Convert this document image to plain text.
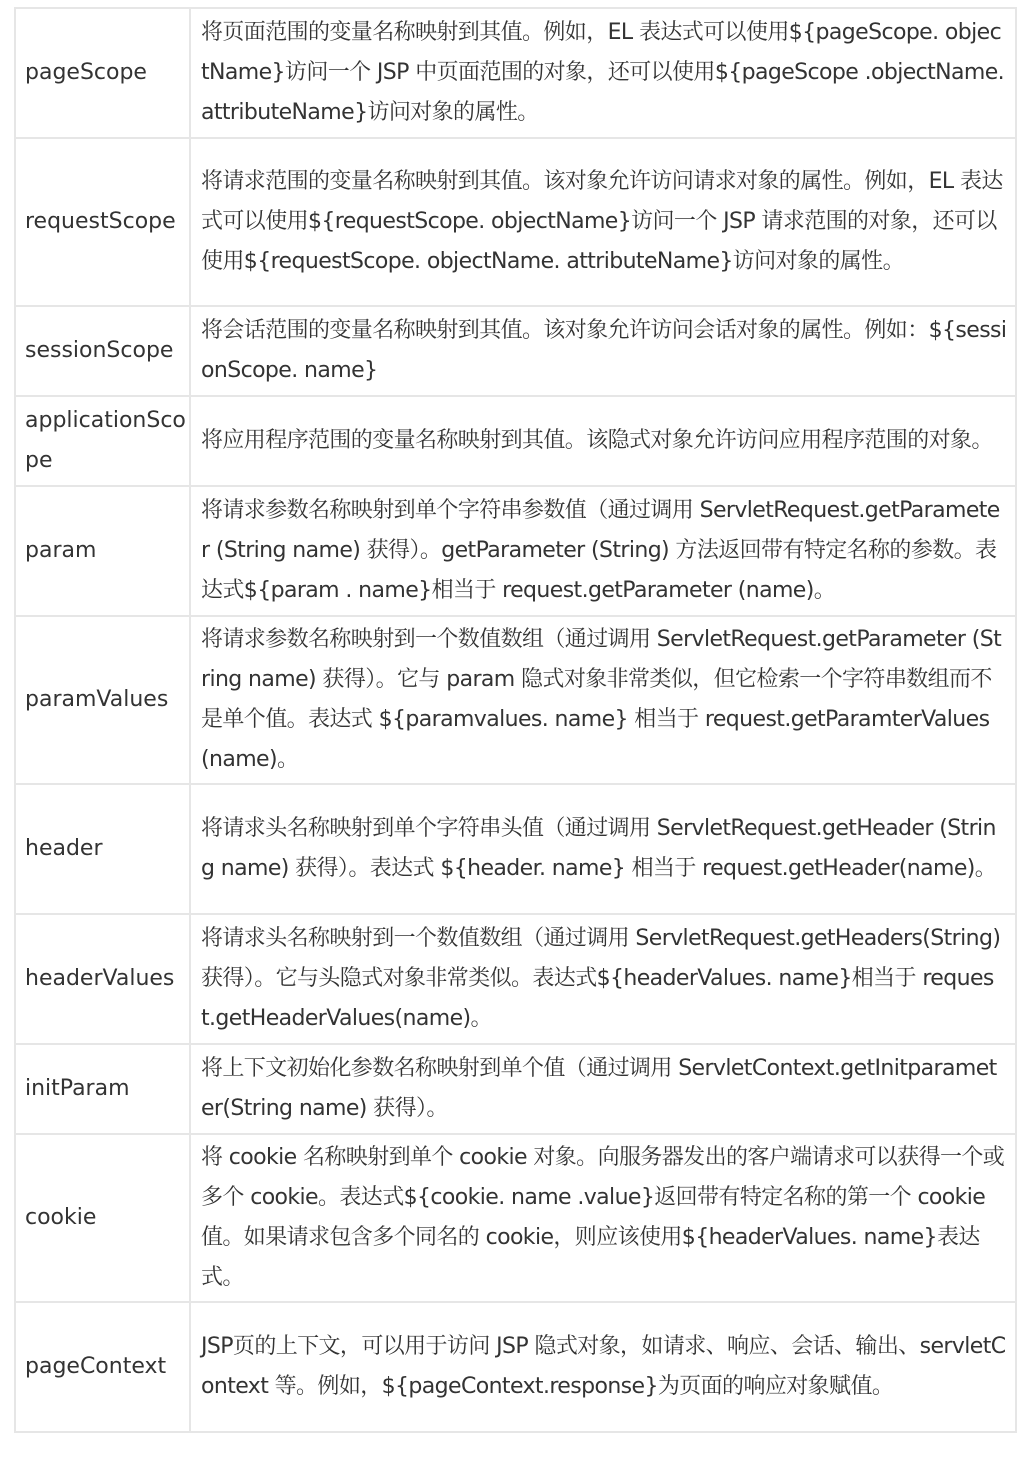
pageScope	将页面范围的变量名称映射到其值。例如，EL 表达式可以使用${pageScope. objectName}访问一个 JSP 中页面范围的对象，还可以使用${pageScope .objectName. attributeName}访问对象的属性。
requestScope	将请求范围的变量名称映射到其值。该对象允许访问请求对象的属性。例如，EL 表达式可以使用${requestScope. objectName}访问一个 JSP 请求范围的对象，还可以使用${requestScope. objectName. attributeName}访问对象的属性。
sessionScope	将会话范围的变量名称映射到其值。该对象允许访问会话对象的属性。例如：${sessionScope. name}
applicationScope	将应用程序范围的变量名称映射到其值。该隐式对象允许访问应用程序范围的对象。
param	将请求参数名称映射到单个字符串参数值（通过调用 ServletRequest.getParameter (String name) 获得）。getParameter (String) 方法返回带有特定名称的参数。表达式${param . name}相当于 request.getParameter (name)。
paramValues	将请求参数名称映射到一个数值数组（通过调用 ServletRequest.getParameter (String name) 获得）。它与 param 隐式对象非常类似，但它检索一个字符串数组而不是单个值。表达式 ${paramvalues. name} 相当于 request.getParamterValues(name)。
header	将请求头名称映射到单个字符串头值（通过调用 ServletRequest.getHeader (String name) 获得）。表达式 ${header. name} 相当于 request.getHeader(name)。
headerValues	将请求头名称映射到一个数值数组（通过调用 ServletRequest.getHeaders(String) 获得）。它与头隐式对象非常类似。表达式${headerValues. name}相当于 request.getHeaderValues(name)。
initParam	将上下文初始化参数名称映射到单个值（通过调用 ServletContext.getInitparameter(String name) 获得）。
cookie	将 cookie 名称映射到单个 cookie 对象。向服务器发出的客户端请求可以获得一个或多个 cookie。表达式${cookie. name .value}返回带有特定名称的第一个 cookie 值。如果请求包含多个同名的 cookie，则应该使用${headerValues. name}表达式。
pageContext	JSP页的上下文，可以用于访问 JSP 隐式对象，如请求、响应、会话、输出、servletContext 等。例如，${pageContext.response}为页面的响应对象赋值。
